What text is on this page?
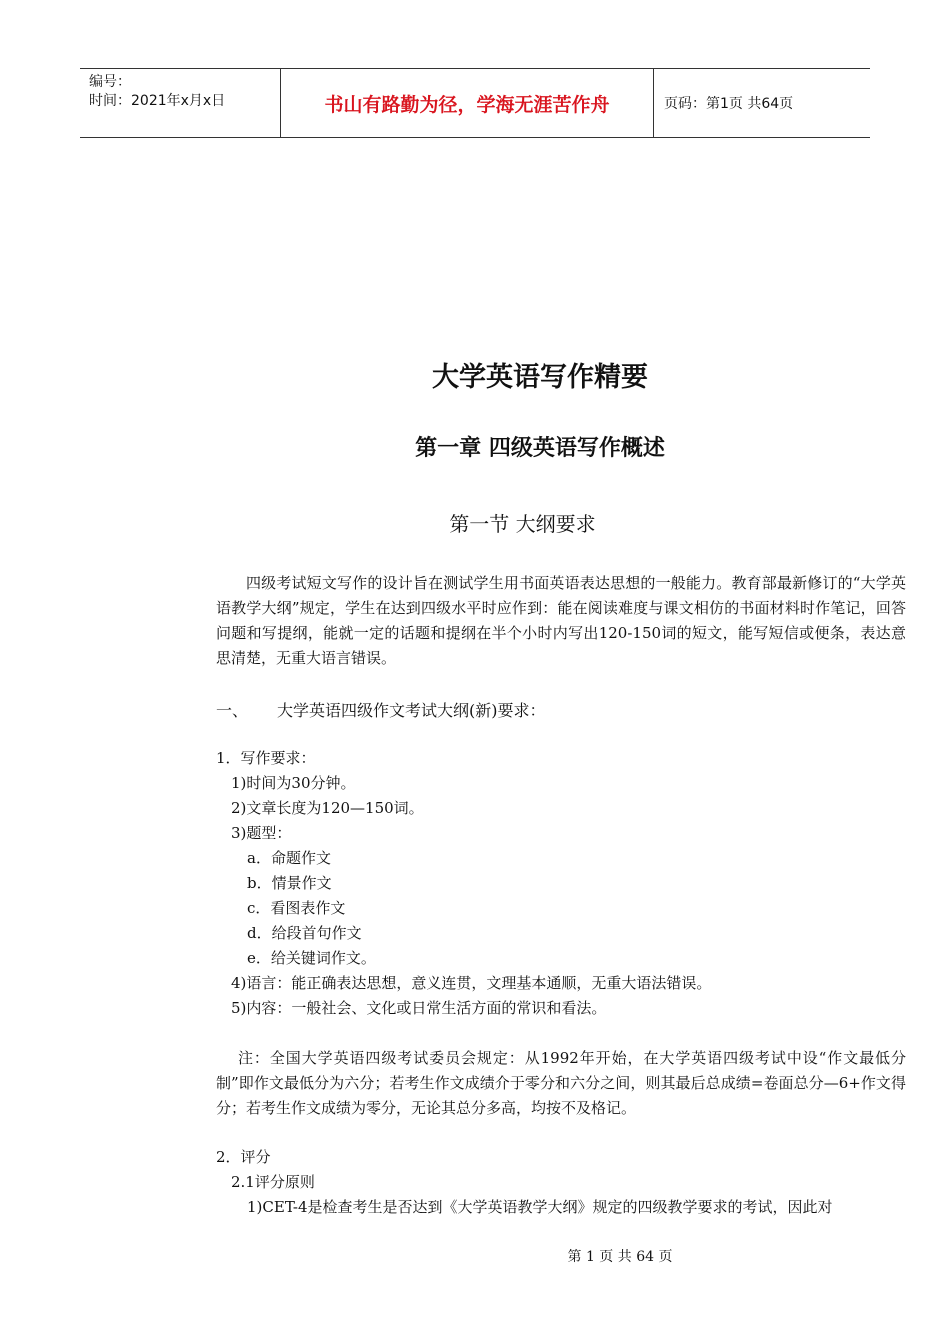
编号：
时间：2021年x月x日	书山有路勤为径，学海无涯苦作舟	页码：第1页 共64页
大学英语写作精要
第一章 四级英语写作概述
第一节 大纲要求

四级考试短文写作的设计旨在测试学生用书面英语表达思想的一般能力。教育部最新修订的“大学英语教学大纲”规定，学生在达到四级水平时应作到：能在阅读难度与课文相仿的书面材料时作笔记，回答问题和写提纲，能就一定的话题和提纲在半个小时内写出120-150词的短文，能写短信或便条，表达意思清楚，无重大语言错误。

一、 大学英语四级作文考试大纲(新)要求：
1．写作要求：
1)时间为30分钟。
2)文章长度为120—150词。
3)题型：
a．命题作文
b．情景作文
c．看图表作文
d．给段首句作文
e．给关键词作文。
4)语言：能正确表达思想，意义连贯，文理基本通顺，无重大语法错误。
5)内容：一般社会、文化或日常生活方面的常识和看法。

注：全国大学英语四级考试委员会规定：从1992年开始，在大学英语四级考试中设“作文最低分制”即作文最低分为六分；若考生作文成绩介于零分和六分之间，则其最后总成绩=卷面总分—6+作文得分；若考生作文成绩为零分，无论其总分多高，均按不及格记。

2．评分
2.1评分原则
1)CET-4是检查考生是否达到《大学英语教学大纲》规定的四级教学要求的考试，因此对
第 1 页 共 64 页
